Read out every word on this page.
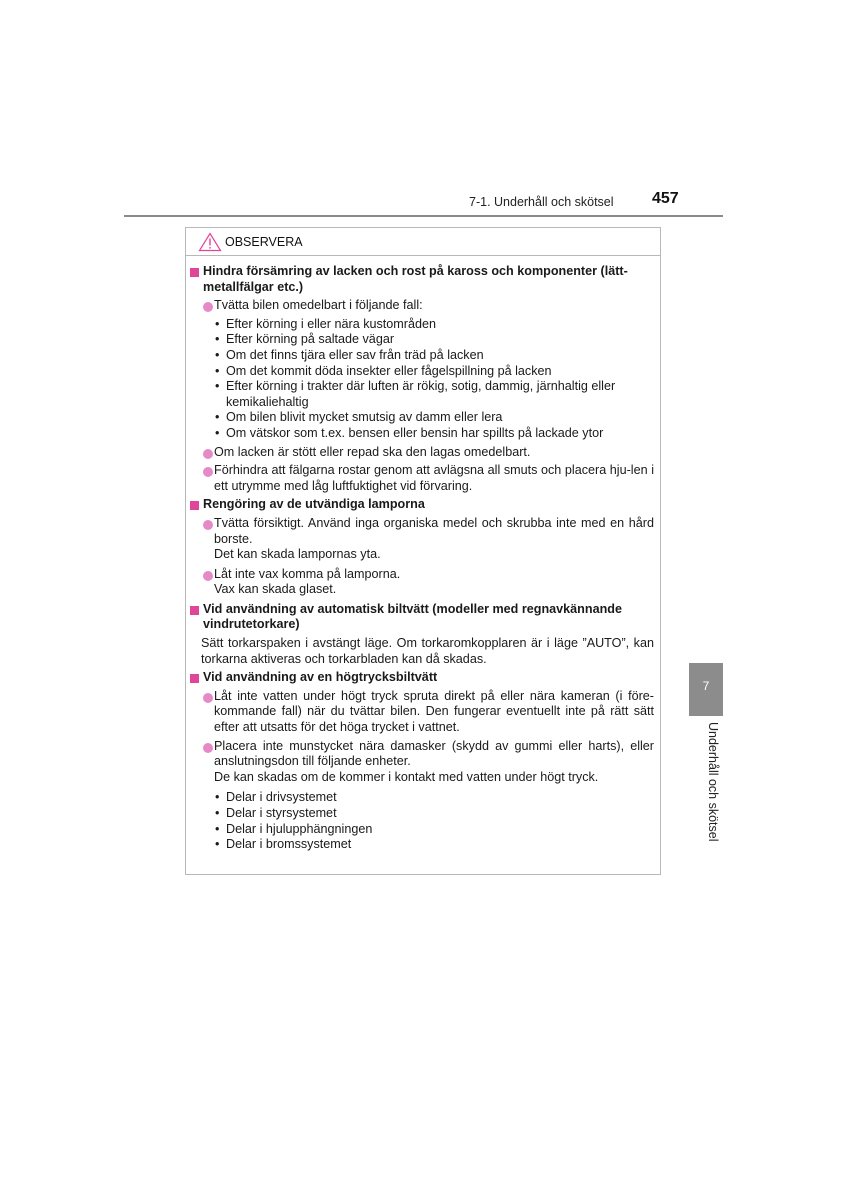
7-1. Underhåll och skötsel 457
OBSERVERA
Hindra försämring av lacken och rost på kaross och komponenter (lätt-metallfälgar etc.)
Tvätta bilen omedelbart i följande fall:
• Efter körning i eller nära kustområden
• Efter körning på saltade vägar
• Om det finns tjära eller sav från träd på lacken
• Om det kommit döda insekter eller fågelspillning på lacken
• Efter körning i trakter där luften är rökig, sotig, dammig, järnhaltig eller kemikaliehaltig
• Om bilen blivit mycket smutsig av damm eller lera
• Om vätskor som t.ex. bensen eller bensin har spillts på lackade ytor
Om lacken är stött eller repad ska den lagas omedelbart.
Förhindra att fälgarna rostar genom att avlägsna all smuts och placera hju-len i ett utrymme med låg luftfuktighet vid förvaring.
Rengöring av de utvändiga lamporna
Tvätta försiktigt. Använd inga organiska medel och skrubba inte med en hård borste.
Det kan skada lampornas yta.
Låt inte vax komma på lamporna.
Vax kan skada glaset.
Vid användning av automatisk biltvätt (modeller med regnavkännande vindrutetorkare)
Sätt torkarspaken i avstängt läge. Om torkaromkopplaren är i läge ”AUTO”, kan torkarna aktiveras och torkarbladen kan då skadas.
Vid användning av en högtrycksbiltvätt
Låt inte vatten under högt tryck spruta direkt på eller nära kameran (i före-kommande fall) när du tvättar bilen. Den fungerar eventuellt inte på rätt sätt efter att utsatts för det höga trycket i vattnet.
Placera inte munstycket nära damasker (skydd av gummi eller harts), eller anslutningsdon till följande enheter.
De kan skadas om de kommer i kontakt med vatten under högt tryck.
• Delar i drivsystemet
• Delar i styrsystemet
• Delar i hjulupphängningen
• Delar i bromssystemet
7
Underhåll och skötsel
